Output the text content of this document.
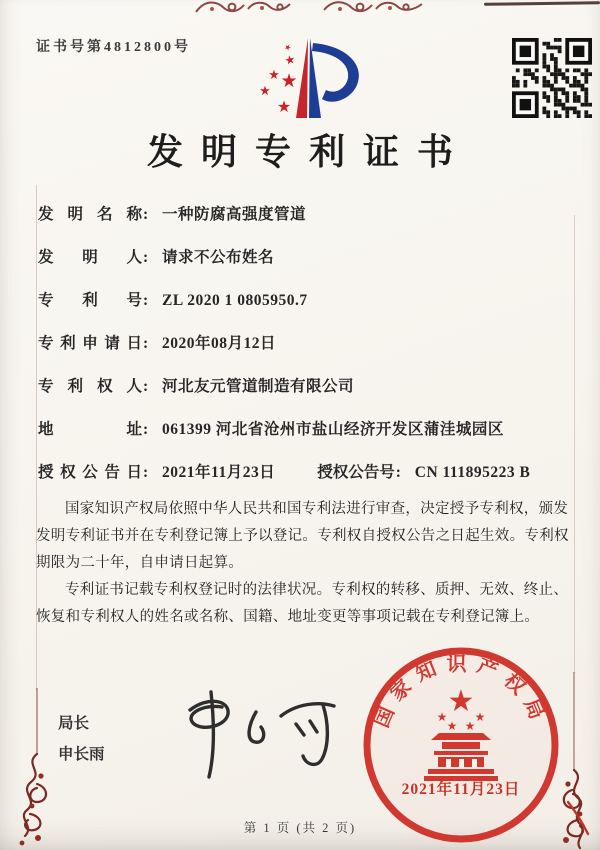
证书号第4812800号	★
★
★ ★
★
★
发明专利证书
发明名称: 一种防腐高强度管道
发明人: 请求不公布姓名
专利号: ZL 2020 1 0805950.7
专利申请日: 2020年08月12日
专利权人: 河北友元管道制造有限公司
地址: 061399 河北省沧州市盐山经济开发区蒲洼城园区
授权公告日: 2021年11月23日	授权公告号: CN 111895223 B

国家知识产权局依照中华人民共和国专利法进行审查，决定授予专利权，颁发发明专利证书并在专利登记簿上予以登记。专利权自授权公告之日起生效。专利权期限为二十年，自申请日起算。

专利证书记载专利权登记时的法律状况。专利权的转移、质押、无效、终止、恢复和专利权人的姓名或名称、国籍、地址变更等事项记载在专利登记簿上。

局长
申长雨
国家知识产权局
★
★
★ ★
★
2021年11月23日
第 1 页 (共 2 页)
